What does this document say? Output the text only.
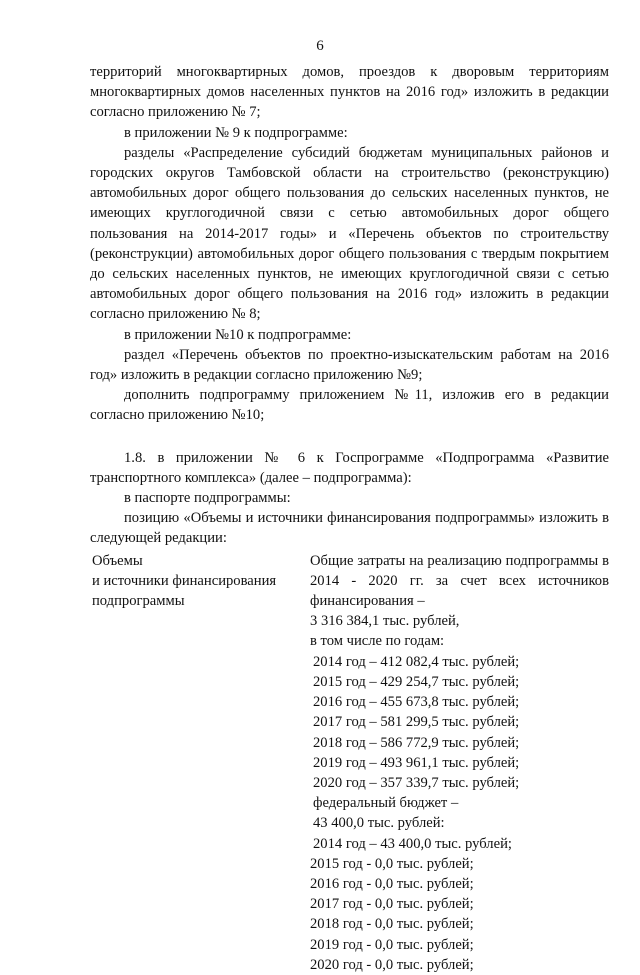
6

территорий многоквартирных домов, проездов к дворовым территориям многоквартирных домов населенных пунктов на 2016 год» изложить в редакции согласно приложению № 7;

в приложении № 9 к подпрограмме:

разделы «Распределение субсидий бюджетам муниципальных районов и городских округов Тамбовской области на строительство (реконструкцию) автомобильных дорог общего пользования до сельских населенных пунктов, не имеющих круглогодичной связи с сетью автомобильных дорог общего пользования на 2014-2017 годы» и «Перечень объектов по строительству (реконструкции) автомобильных дорог общего пользования с твердым покрытием до сельских населенных пунктов, не имеющих круглогодичной связи с сетью автомобильных дорог общего пользования на 2016 год» изложить в редакции согласно приложению № 8;

в приложении №10 к подпрограмме:

раздел «Перечень объектов по проектно-изыскательским работам на 2016 год» изложить в редакции согласно приложению №9;

дополнить подпрограмму приложением №11, изложив его в редакции согласно приложению №10;

1.8. в приложении № 6 к Госпрограмме «Подпрограмма «Развитие транспортного комплекса» (далее – подпрограмма):

в паспорте подпрограммы:

позицию «Объемы и источники финансирования подпрограммы» изложить в следующей редакции:

Объемы
и источники финансирования
подпрограммы

Общие затраты на реализацию подпрограммы в 2014 - 2020 гг. за счет всех источников финансирования –

3 316 384,1 тыс. рублей,
в том числе по годам:
2014 год – 412 082,4 тыс. рублей;
2015 год – 429 254,7 тыс. рублей;
2016 год – 455 673,8 тыс. рублей;
2017 год – 581 299,5 тыс. рублей;
2018 год – 586 772,9 тыс. рублей;
2019 год – 493 961,1 тыс. рублей;
2020 год – 357 339,7 тыс. рублей;
федеральный бюджет –
43 400,0 тыс. рублей:
2014 год – 43 400,0 тыс. рублей;
2015 год - 0,0 тыс. рублей;
2016 год - 0,0 тыс. рублей;
2017 год - 0,0 тыс. рублей;
2018 год - 0,0 тыс. рублей;
2019 год - 0,0 тыс. рублей;
2020 год - 0,0 тыс. рублей;
